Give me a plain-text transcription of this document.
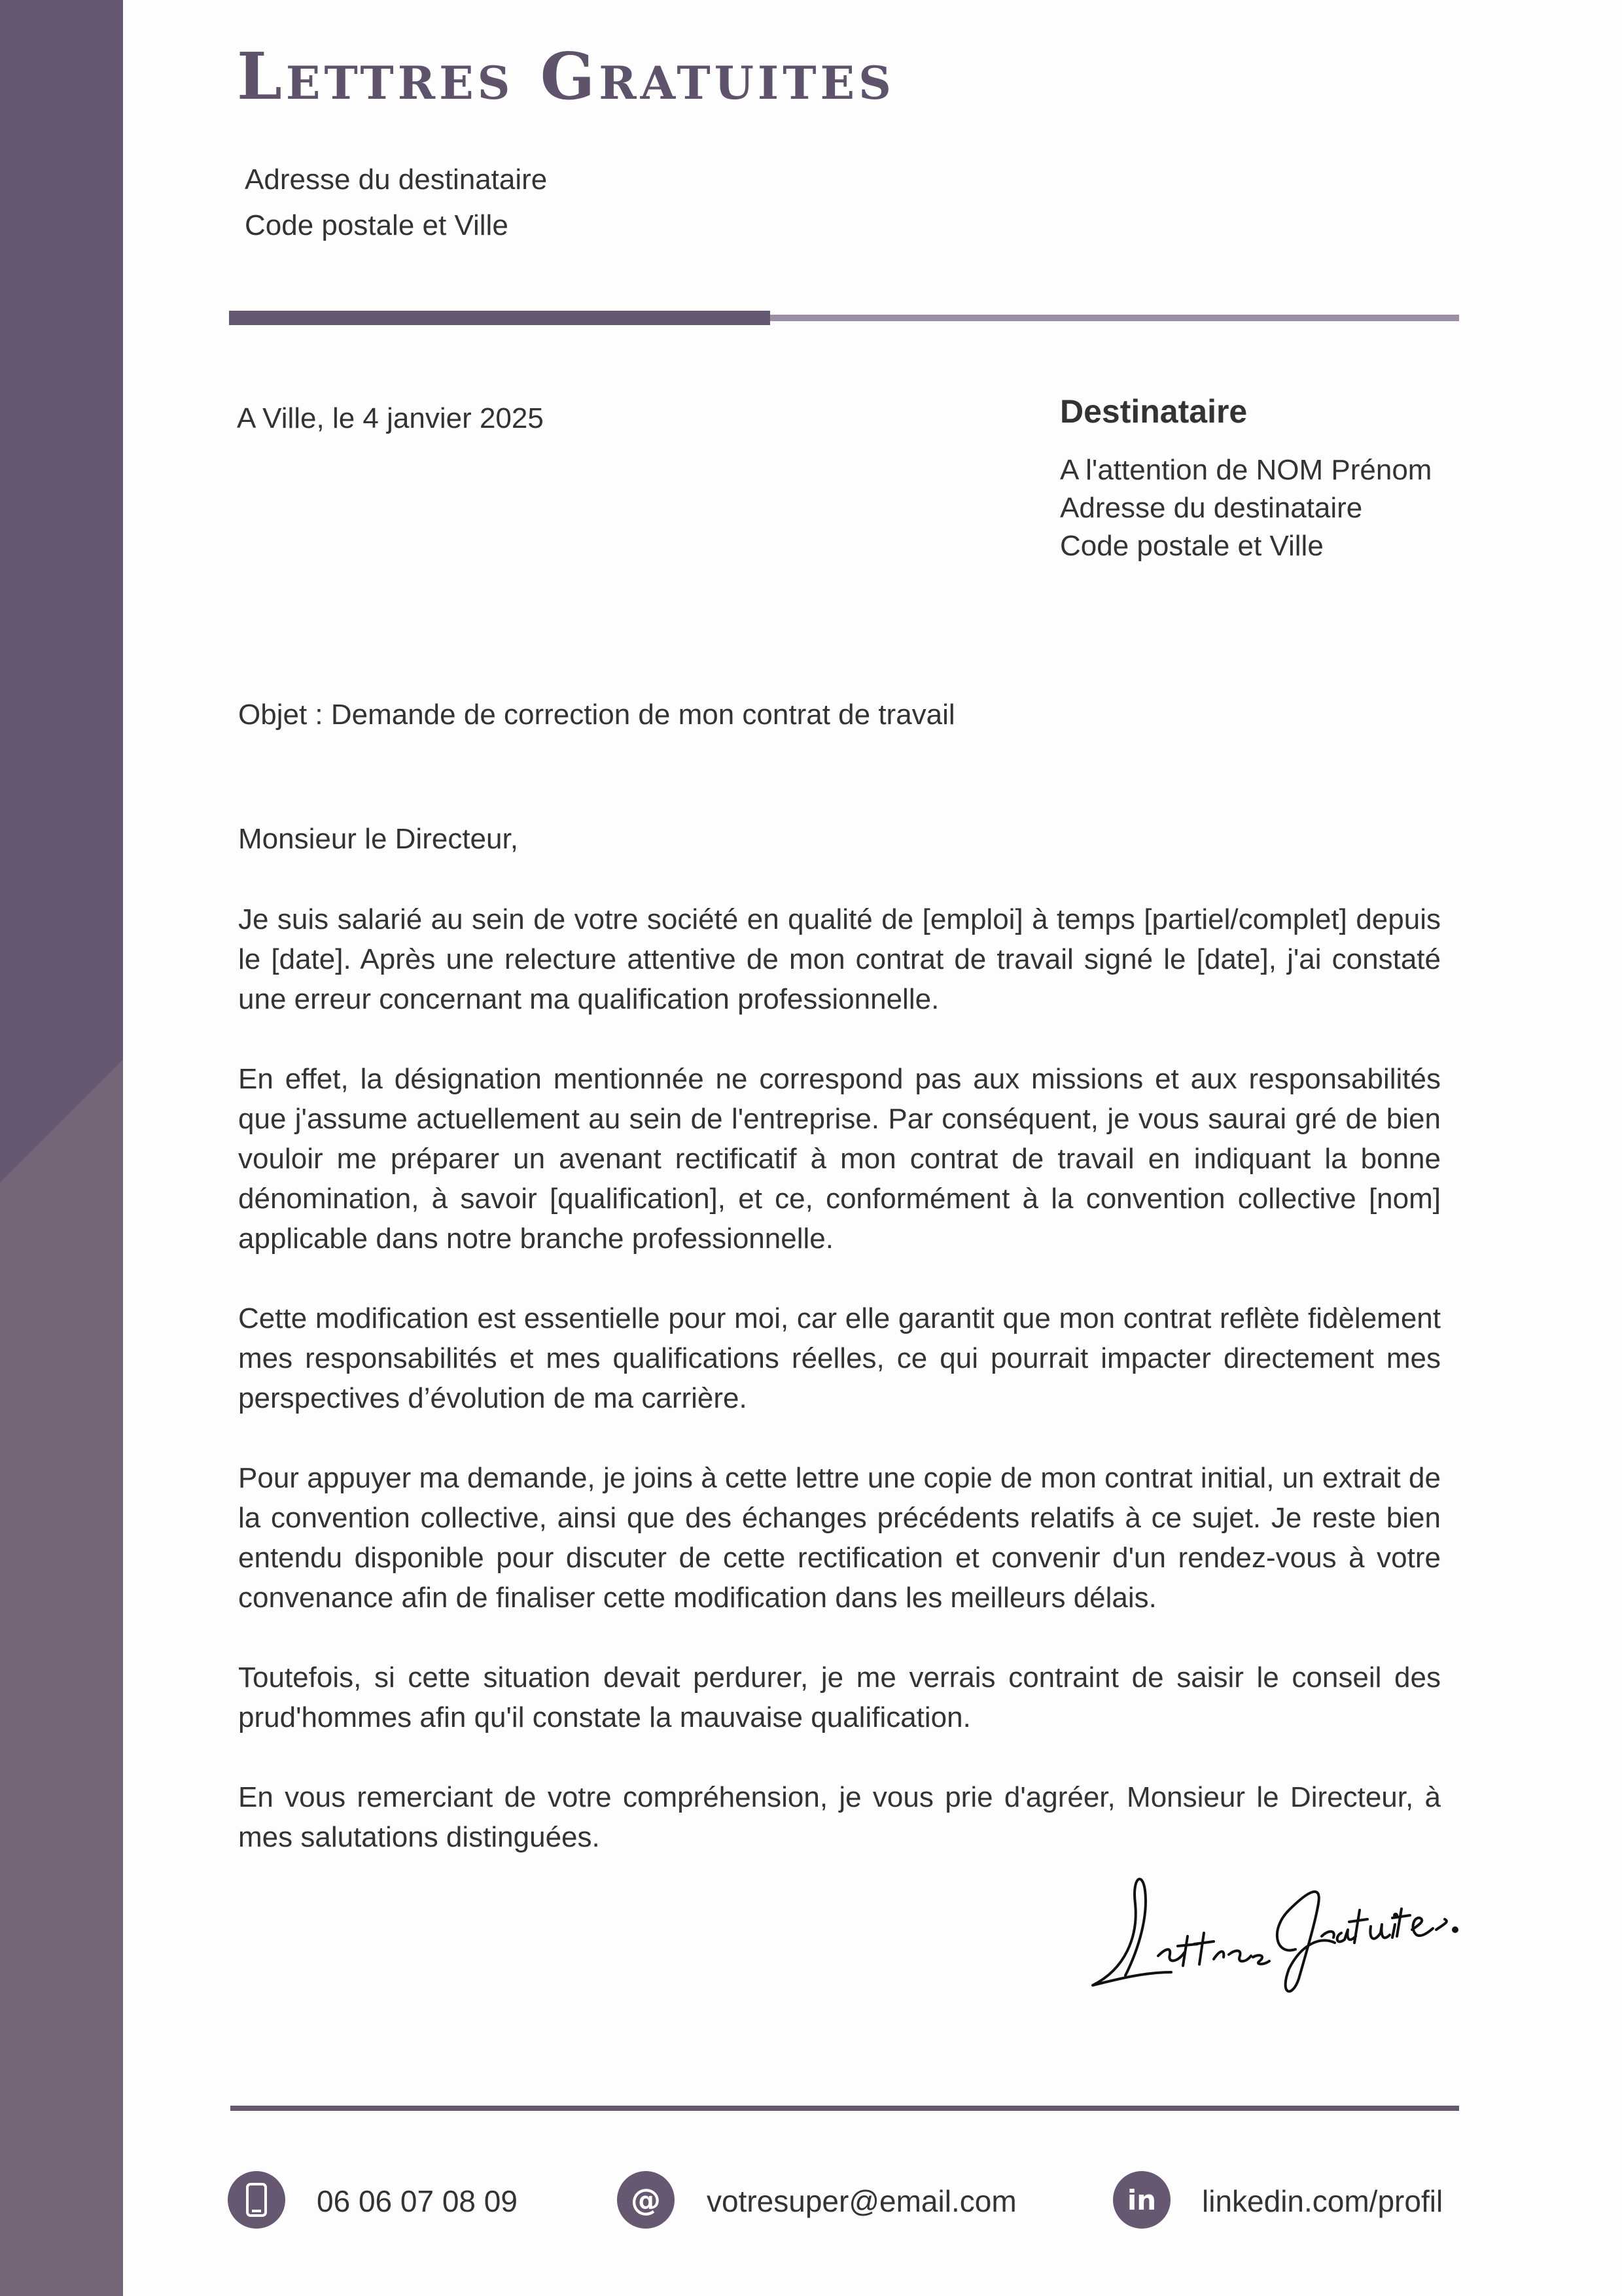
Lettres Gratuites
Adresse du destinataire
Code postale et Ville
A Ville, le 4 janvier 2025	Destinataire
A l'attention de NOM Prénom
Adresse du destinataire
Code postale et Ville
Objet : Demande de correction de mon contrat de travail

Monsieur le Directeur,

Je suis salarié au sein de votre société en qualité de [emploi] à temps [partiel/complet] depuis le [date]. Après une relecture attentive de mon contrat de travail signé le [date], j'ai constaté une erreur concernant ma qualification professionnelle.

En effet, la désignation mentionnée ne correspond pas aux missions et aux responsabilités que j'assume actuellement au sein de l'entreprise. Par conséquent, je vous saurai gré de bien vouloir me préparer un avenant rectificatif à mon contrat de travail en indiquant la bonne dénomination, à savoir [qualification], et ce, conformément à la convention collective [nom] applicable dans notre branche professionnelle.

Cette modification est essentielle pour moi, car elle garantit que mon contrat reflète fidèlement mes responsabilités et mes qualifications réelles, ce qui pourrait impacter directement mes perspectives d’évolution de ma carrière.

Pour appuyer ma demande, je joins à cette lettre une copie de mon contrat initial, un extrait de la convention collective, ainsi que des échanges précédents relatifs à ce sujet. Je reste bien entendu disponible pour discuter de cette rectification et convenir d'un rendez-vous à votre convenance afin de finaliser cette modification dans les meilleurs délais.

Toutefois, si cette situation devait perdurer, je me verrais contraint de saisir le conseil des prud'hommes afin qu'il constate la mauvaise qualification.

En vous remerciant de votre compréhension, je vous prie d'agréer, Monsieur le Directeur, à mes salutations distinguées.

06 06 07 08 09	@	votresuper@email.com	in	linkedin.com/profil
